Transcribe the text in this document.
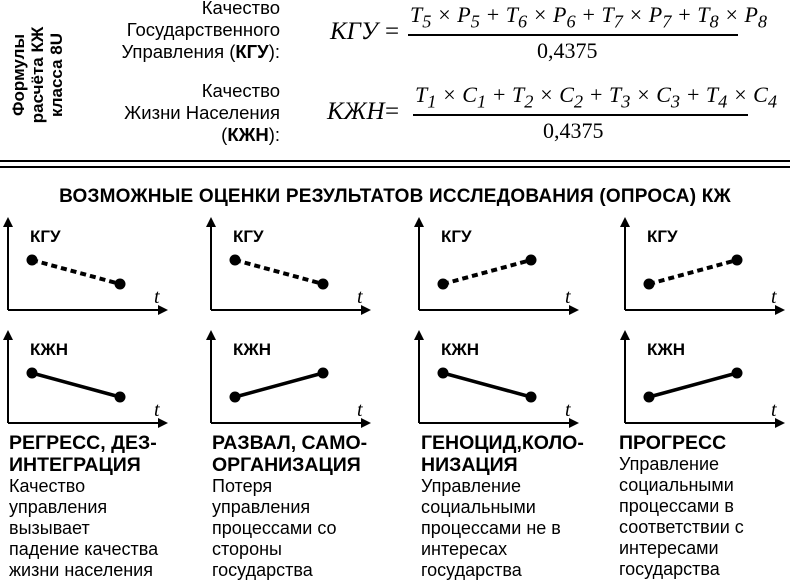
Формулы расчёта КЖ класса 8U
Качество
Государственного
Управления (КГУ):
КГУ =
$T_5 \times P_5 + T_6 \times P_6 + T_7 \times P_7 + T_8 \times P_8$
0,4375
Качество
Жизни Населения
(КЖН):
КЖН =
$T_1 \times C_1 + T_2 \times C_2 + T_3 \times C_3 + T_4 \times C_4$
0,4375
ВОЗМОЖНЫЕ ОЦЕНКИ РЕЗУЛЬТАТОВ ИССЛЕДОВАНИЯ (ОПРОСА) КЖ
КГУ
t
КЖН
t
КГУ
t
КЖН
t
КГУ
t
КЖН
t
КГУ
t
КЖН
t
РЕГРЕСС, ДЕЗ-
ИНТЕГРАЦИЯ
Качество
управления
вызывает
падение качества
жизни населения
РАЗВАЛ, САМО-
ОРГАНИЗАЦИЯ
Потеря
управления
процессами со
стороны
государства
ГЕНОЦИД,КОЛО-
НИЗАЦИЯ
Управление
социальными
процессами не в
интересах
государства
ПРОГРЕСС
Управление
социальными
процессами в
соответствии с
интересами
государства
